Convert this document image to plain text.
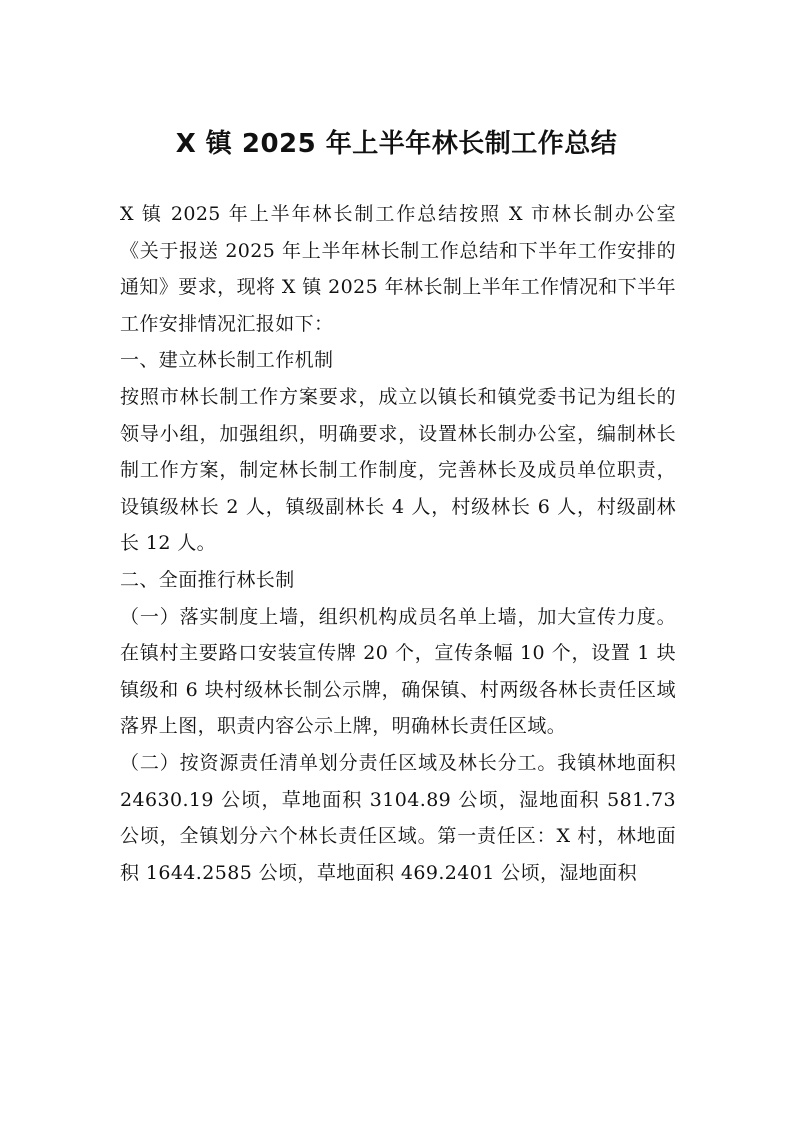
X 镇 2025 年上半年林长制工作总结

X 镇 2025 年上半年林长制工作总结按照 X 市林长制办公室《关于报送 2025 年上半年林长制工作总结和下半年工作安排的通知》要求，现将 X 镇 2025 年林长制上半年工作情况和下半年工作安排情况汇报如下：

一、建立林长制工作机制

按照市林长制工作方案要求，成立以镇长和镇党委书记为组长的领导小组，加强组织，明确要求，设置林长制办公室，编制林长制工作方案，制定林长制工作制度，完善林长及成员单位职责，设镇级林长 2 人，镇级副林长 4 人，村级林长 6 人，村级副林长 12 人。

二、全面推行林长制

（一）落实制度上墙，组织机构成员名单上墙，加大宣传力度。在镇村主要路口安装宣传牌 20 个，宣传条幅 10 个，设置 1 块镇级和 6 块村级林长制公示牌，确保镇、村两级各林长责任区域落界上图，职责内容公示上牌，明确林长责任区域。

（二）按资源责任清单划分责任区域及林长分工。我镇林地面积 24630.19 公顷，草地面积 3104.89 公顷，湿地面积 581.73 公顷，全镇划分六个林长责任区域。第一责任区：X 村，林地面积 1644.2585 公顷，草地面积 469.2401 公顷，湿地面积
